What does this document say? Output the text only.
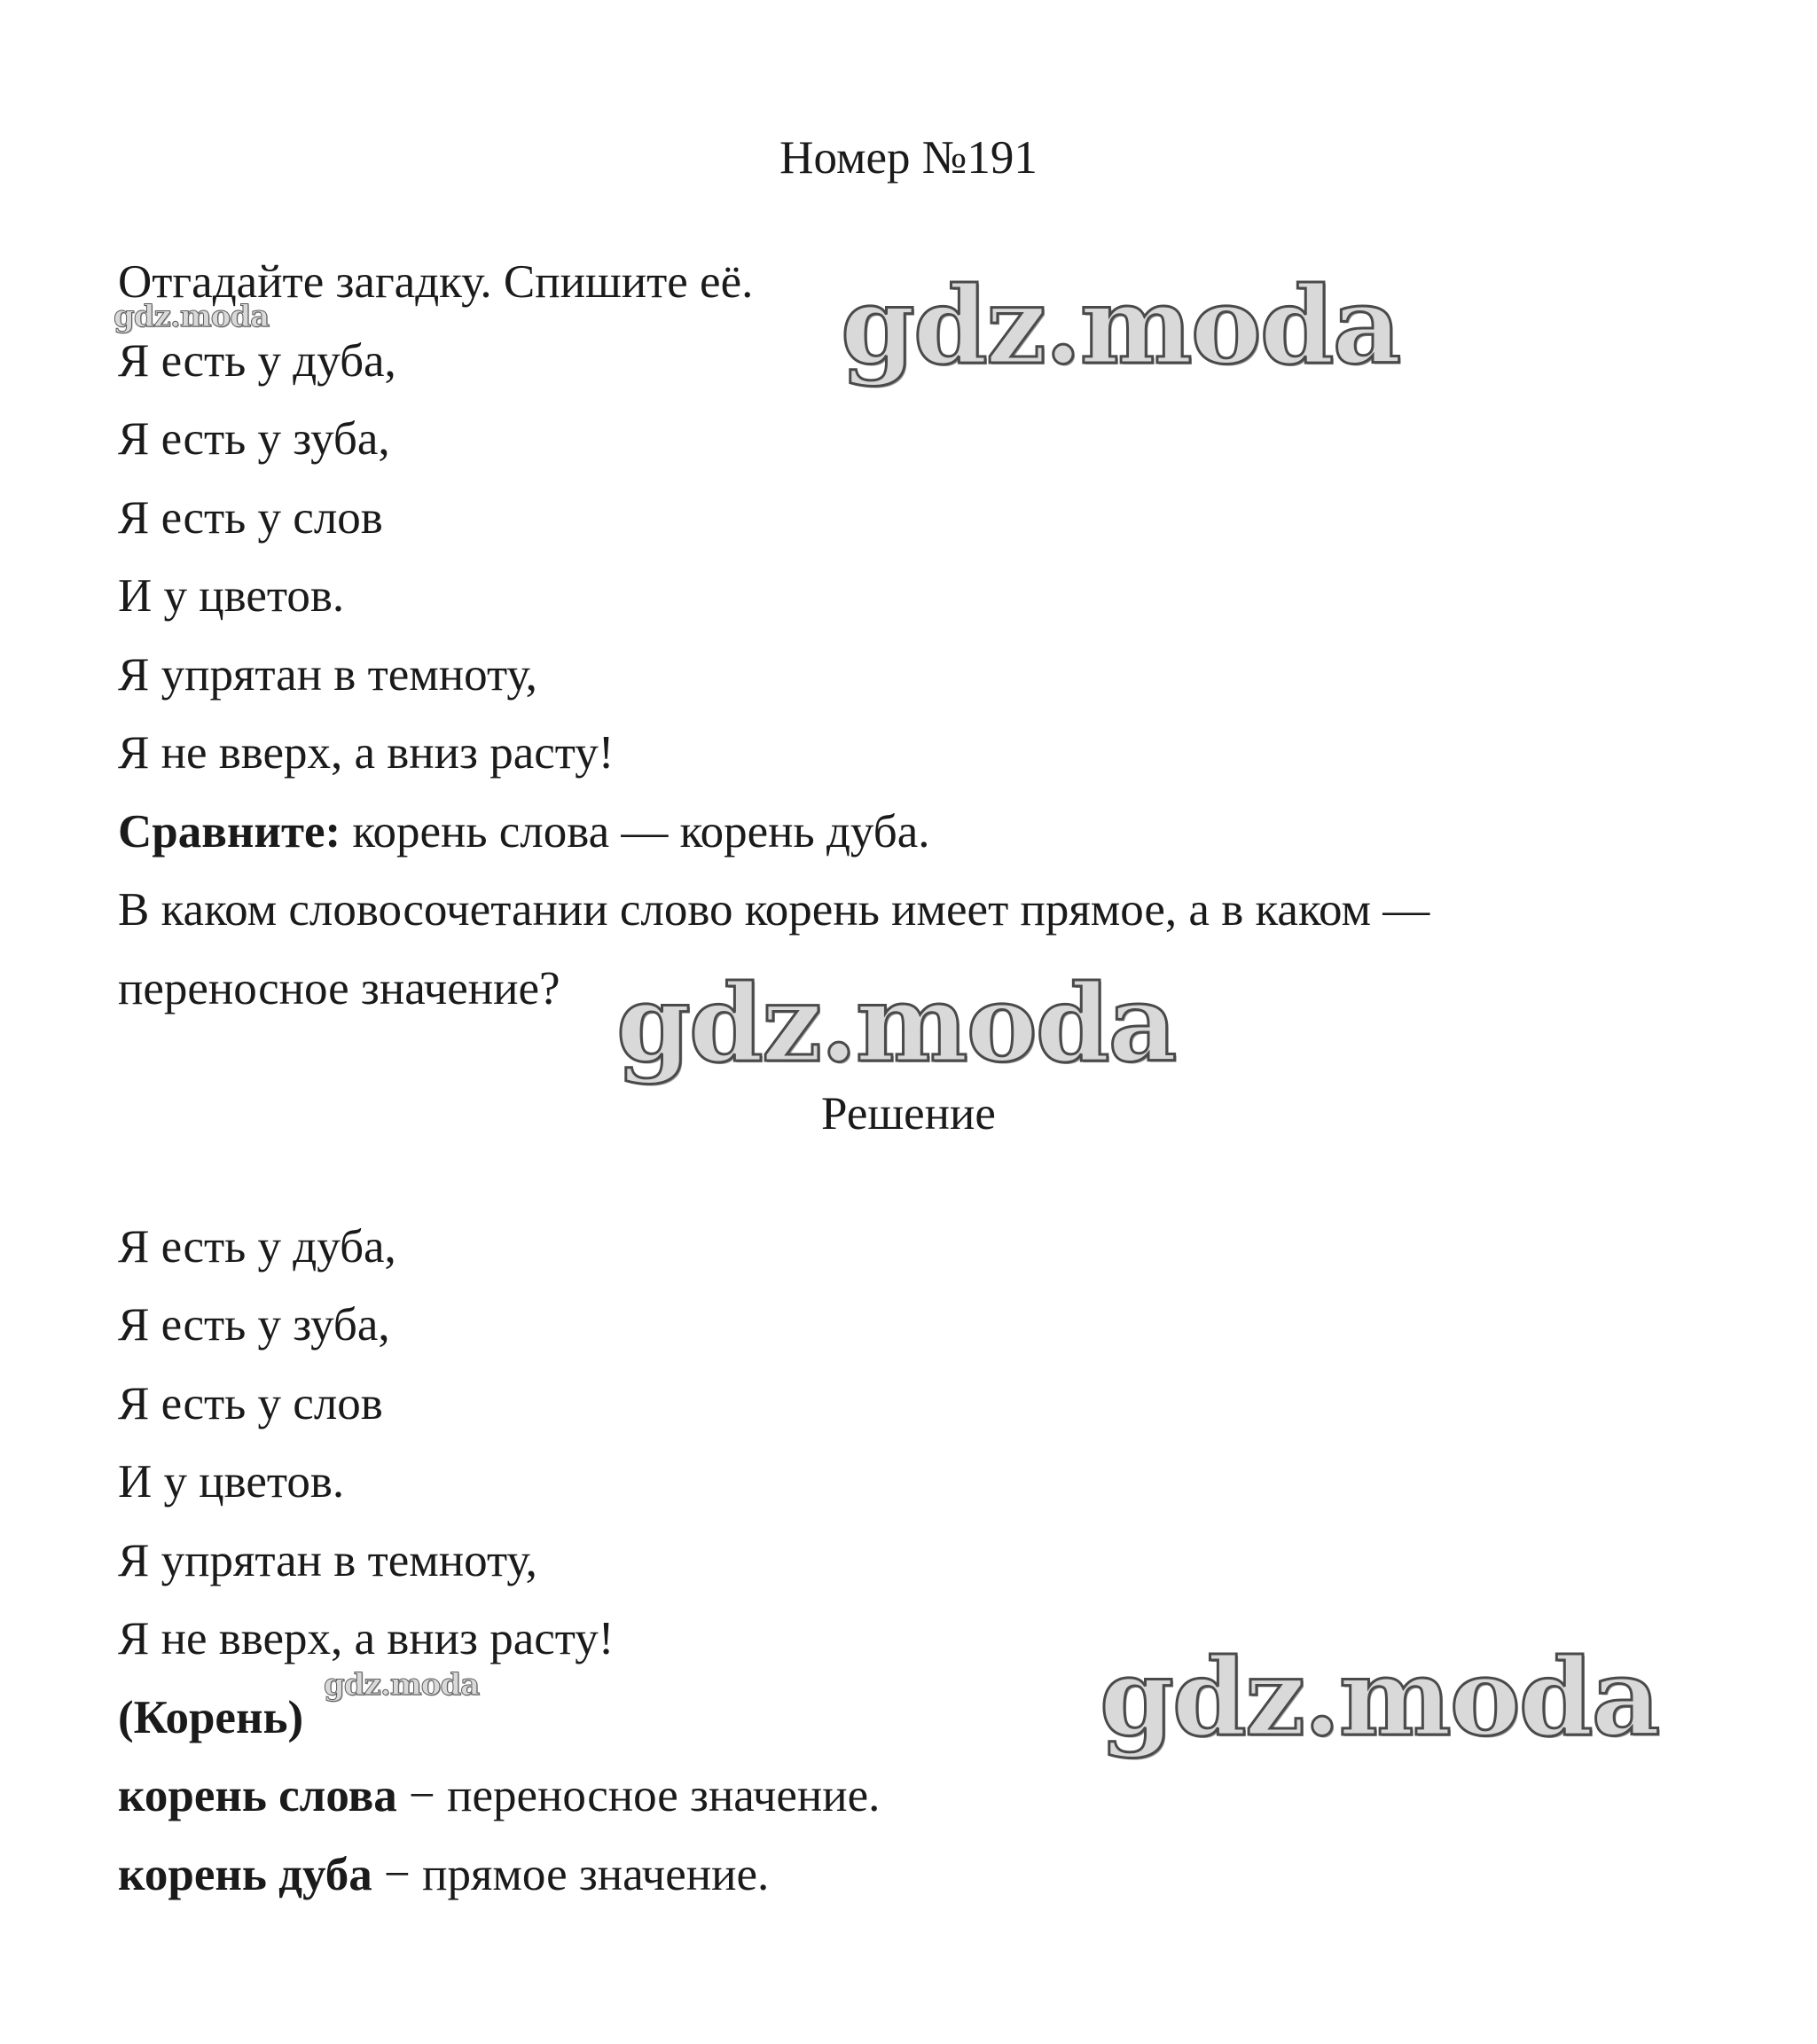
Номер №191
Отгадайте загадку. Спишите её.
Я есть у дуба,
Я есть у зуба,
Я есть у слов
И у цветов.
Я упрятан в темноту,
Я не вверх, а вниз расту!
Сравните: корень слова — корень дуба.
В каком словосочетании слово корень имеет прямое, а в каком —
переносное значение?
Решение
Я есть у дуба,
Я есть у зуба,
Я есть у слов
И у цветов.
Я упрятан в темноту,
Я не вверх, а вниз расту!
(Корень)
корень слова − переносное значение.
корень дуба − прямое значение.
gdz.moda	gdz.moda
gdz.moda
gdz.moda	gdz.moda
